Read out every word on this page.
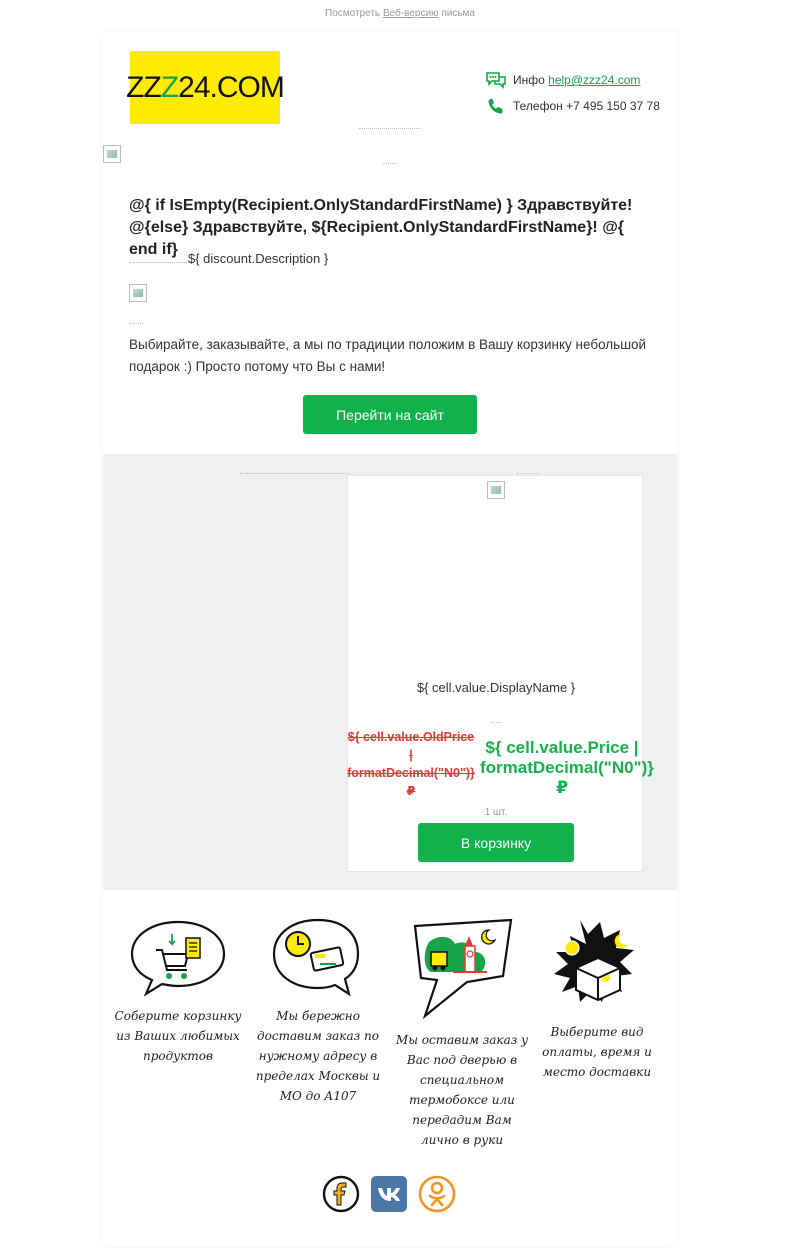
Посмотреть Веб-версию письма
ZZ Z 24.COM	Инфо
help@zzz24.com
Телефон
+7 495 150 37 78
@{ if IsEmpty(Recipient.OnlyStandardFirstName) } Здравствуйте!
@{else} Здравствуйте, ${Recipient.OnlyStandardFirstName}! @{ end if}
${ discount.Description }
Выбирайте, заказывайте, а мы по традиции положим в Вашу корзинку небольшой подарок :) Просто потому что Вы с нами!
Перейти на сайт
${ cell.value.DisplayName }
${ cell.value.OldPrice | formatDecimal("N0")}
₽
${ cell.value.Price | formatDecimal("N0")}
₽
1 шт.
В корзинку
Соберите корзинку из Ваших любимых продуктов
Мы бережно доставим заказ по нужному адресу в пределах Москвы и МО до А107
Мы оставим заказ у Вас под дверью в специальном термобоксе или передадим Вам лично в руки
Выберите вид оплаты, время и место доставки
